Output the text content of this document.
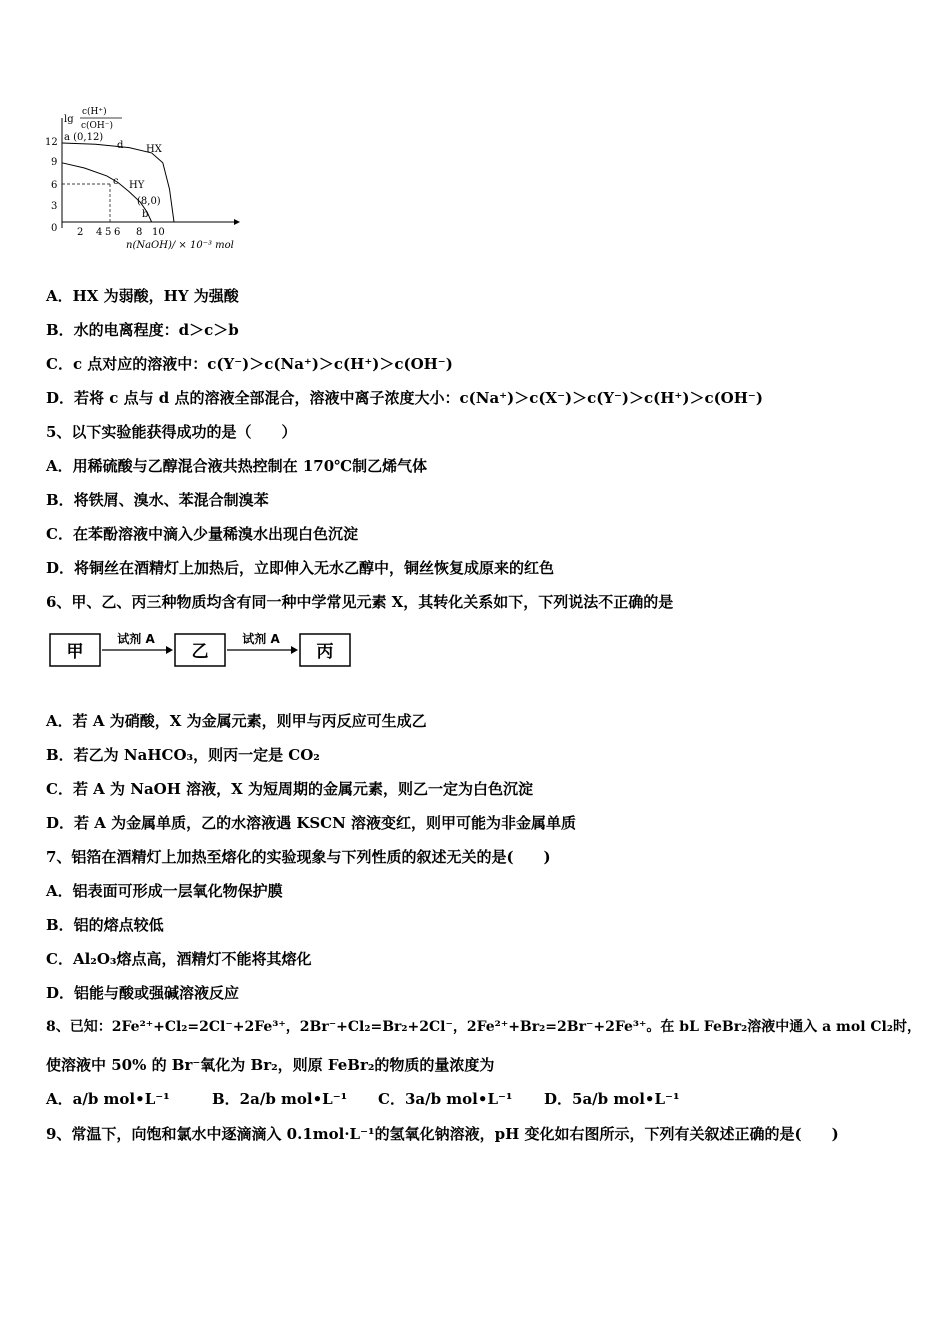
lg
c(H⁺)
c(OH⁻)
12
9
6
3
0 2 4 5 6 8 10
n(NaOH)/ × 10⁻³ mol
a (0,12)
d HX
c HY
(8,0)
b
A．HX 为弱酸，HY 为强酸
B．水的电离程度：d＞c＞b
C．c 点对应的溶液中：c(Y⁻)＞c(Na⁺)＞c(H⁺)＞c(OH⁻)
D．若将 c 点与 d 点的溶液全部混合，溶液中离子浓度大小：c(Na⁺)＞c(X⁻)＞c(Y⁻)＞c(H⁺)＞c(OH⁻)
5、以下实验能获得成功的是（　　）
A．用稀硫酸与乙醇混合液共热控制在 170℃制乙烯气体
B．将铁屑、溴水、苯混合制溴苯
C．在苯酚溶液中滴入少量稀溴水出现白色沉淀
D．将铜丝在酒精灯上加热后，立即伸入无水乙醇中，铜丝恢复成原来的红色
6、甲、乙、丙三种物质均含有同一种中学常见元素 X，其转化关系如下，下列说法不正确的是
甲
试剂 A
乙
试剂 A
丙
A．若 A 为硝酸，X 为金属元素，则甲与丙反应可生成乙
B．若乙为 NaHCO₃，则丙一定是 CO₂
C．若 A 为 NaOH 溶液，X 为短周期的金属元素，则乙一定为白色沉淀
D．若 A 为金属单质，乙的水溶液遇 KSCN 溶液变红，则甲可能为非金属单质
7、铝箔在酒精灯上加热至熔化的实验现象与下列性质的叙述无关的是(　　)
A．铝表面可形成一层氧化物保护膜
B．铝的熔点较低
C．Al₂O₃熔点高，酒精灯不能将其熔化
D．铝能与酸或强碱溶液反应
8、已知：2Fe²⁺+Cl₂=2Cl⁻+2Fe³⁺，2Br⁻+Cl₂=Br₂+2Cl⁻，2Fe²⁺+Br₂=2Br⁻+2Fe³⁺。在 bL FeBr₂溶液中通入 a mol Cl₂时，
使溶液中 50% 的 Br⁻氧化为 Br₂，则原 FeBr₂的物质的量浓度为
A．a/b mol•L⁻¹	B．2a/b mol•L⁻¹ C．3a/b mol•L⁻¹ D．5a/b mol•L⁻¹
9、常温下，向饱和氯水中逐滴滴入 0.1mol·L⁻¹的氢氧化钠溶液，pH 变化如右图所示，下列有关叙述正确的是(　　)
